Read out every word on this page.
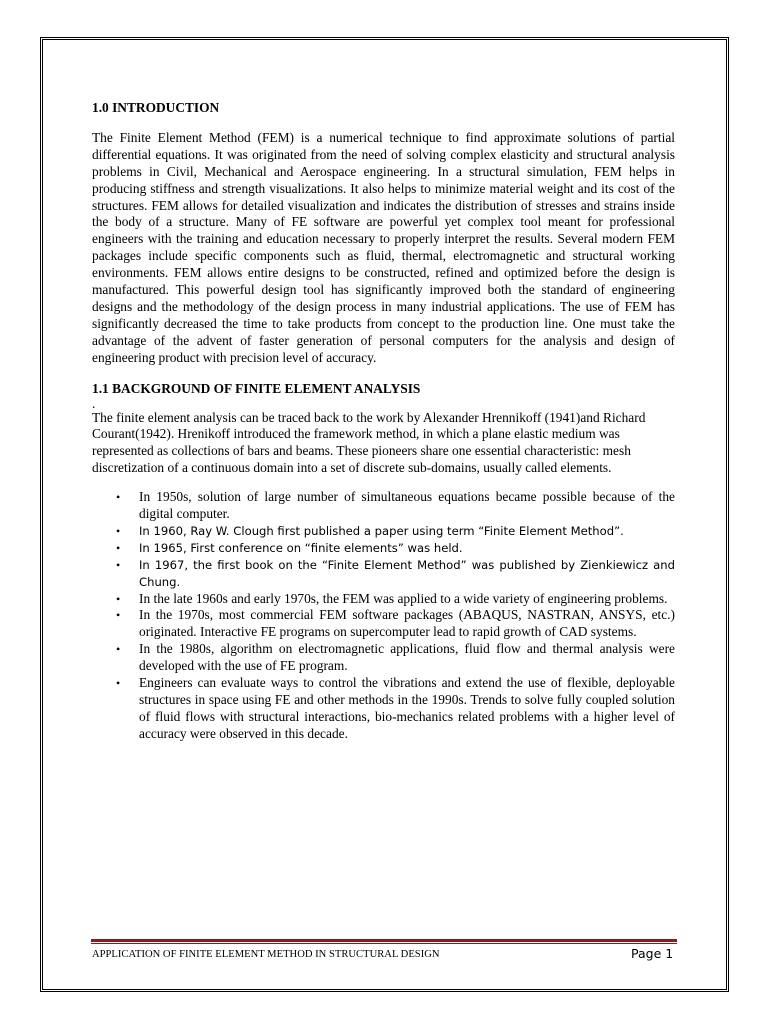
1.0 INTRODUCTION

The Finite Element Method (FEM) is a numerical technique to find approximate solutions of partial differential equations. It was originated from the need of solving complex elasticity and structural analysis problems in Civil, Mechanical and Aerospace engineering. In a structural simulation, FEM helps in producing stiffness and strength visualizations. It also helps to minimize material weight and its cost of the structures. FEM allows for detailed visualization and indicates the distribution of stresses and strains inside the body of a structure. Many of FE software are powerful yet complex tool meant for professional engineers with the training and education necessary to properly interpret the results. Several modern FEM packages include specific components such as fluid, thermal, electromagnetic and structural working environments. FEM allows entire designs to be constructed, refined and optimized before the design is manufactured. This powerful design tool has significantly improved both the standard of engineering designs and the methodology of the design process in many industrial applications. The use of FEM has significantly decreased the time to take products from concept to the production line. One must take the advantage of the advent of faster generation of personal computers for the analysis and design of engineering product with precision level of accuracy.

1.1 BACKGROUND OF FINITE ELEMENT ANALYSIS

.

The finite element analysis can be traced back to the work by Alexander Hrennikoff (1941)and Richard Courant(1942). Hrenikoff introduced the framework method, in which a plane elastic medium was represented as collections of bars and beams. These pioneers share one essential characteristic: mesh discretization of a continuous domain into a set of discrete sub-domains, usually called elements.

• In 1950s, solution of large number of simultaneous equations became possible because of the digital computer.
• In 1960, Ray W. Clough first published a paper using term “Finite Element Method”.
• In 1965, First conference on “finite elements” was held.
• In 1967, the first book on the “Finite Element Method” was published by Zienkiewicz and Chung.
• In the late 1960s and early 1970s, the FEM was applied to a wide variety of engineering problems.
• In the 1970s, most commercial FEM software packages (ABAQUS, NASTRAN, ANSYS, etc.) originated. Interactive FE programs on supercomputer lead to rapid growth of CAD systems.
• In the 1980s, algorithm on electromagnetic applications, fluid flow and thermal analysis were developed with the use of FE program.
• Engineers can evaluate ways to control the vibrations and extend the use of flexible, deployable structures in space using FE and other methods in the 1990s. Trends to solve fully coupled solution of fluid flows with structural interactions, bio-mechanics related problems with a higher level of accuracy were observed in this decade.
APPLICATION OF FINITE ELEMENT METHOD IN STRUCTURAL DESIGN	Page 1
